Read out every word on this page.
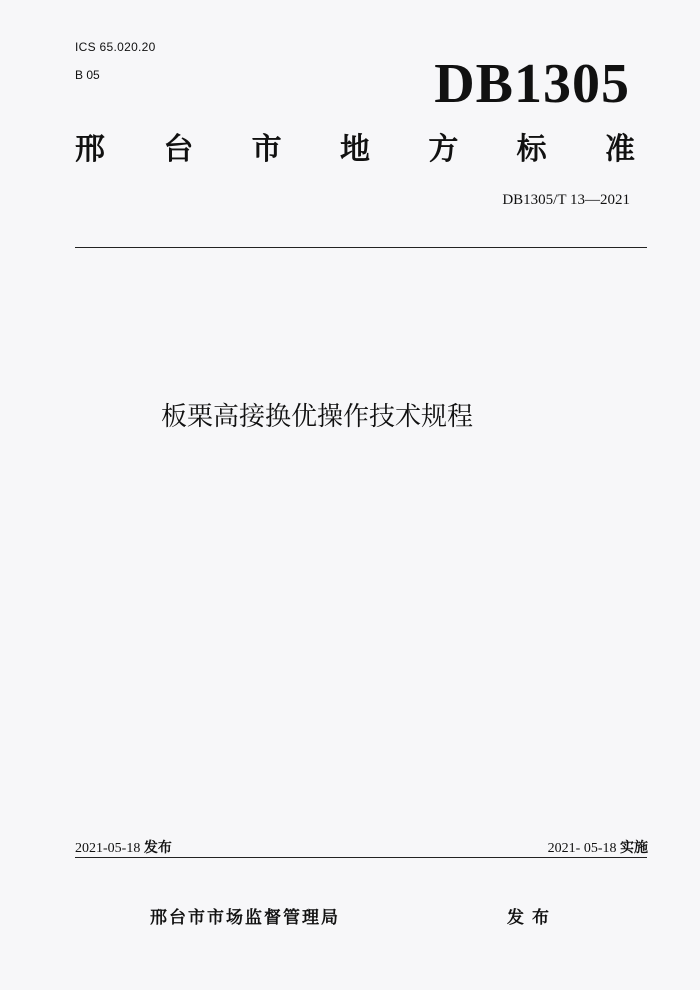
ICS 65.020.20
B 05	DB1305
邢 台 市 地 方 标 准
DB1305/T 13—2021
板栗高接换优操作技术规程
2021-05-18 发布	2021- 05-18 实施
邢台市市场监督管理局	发布
